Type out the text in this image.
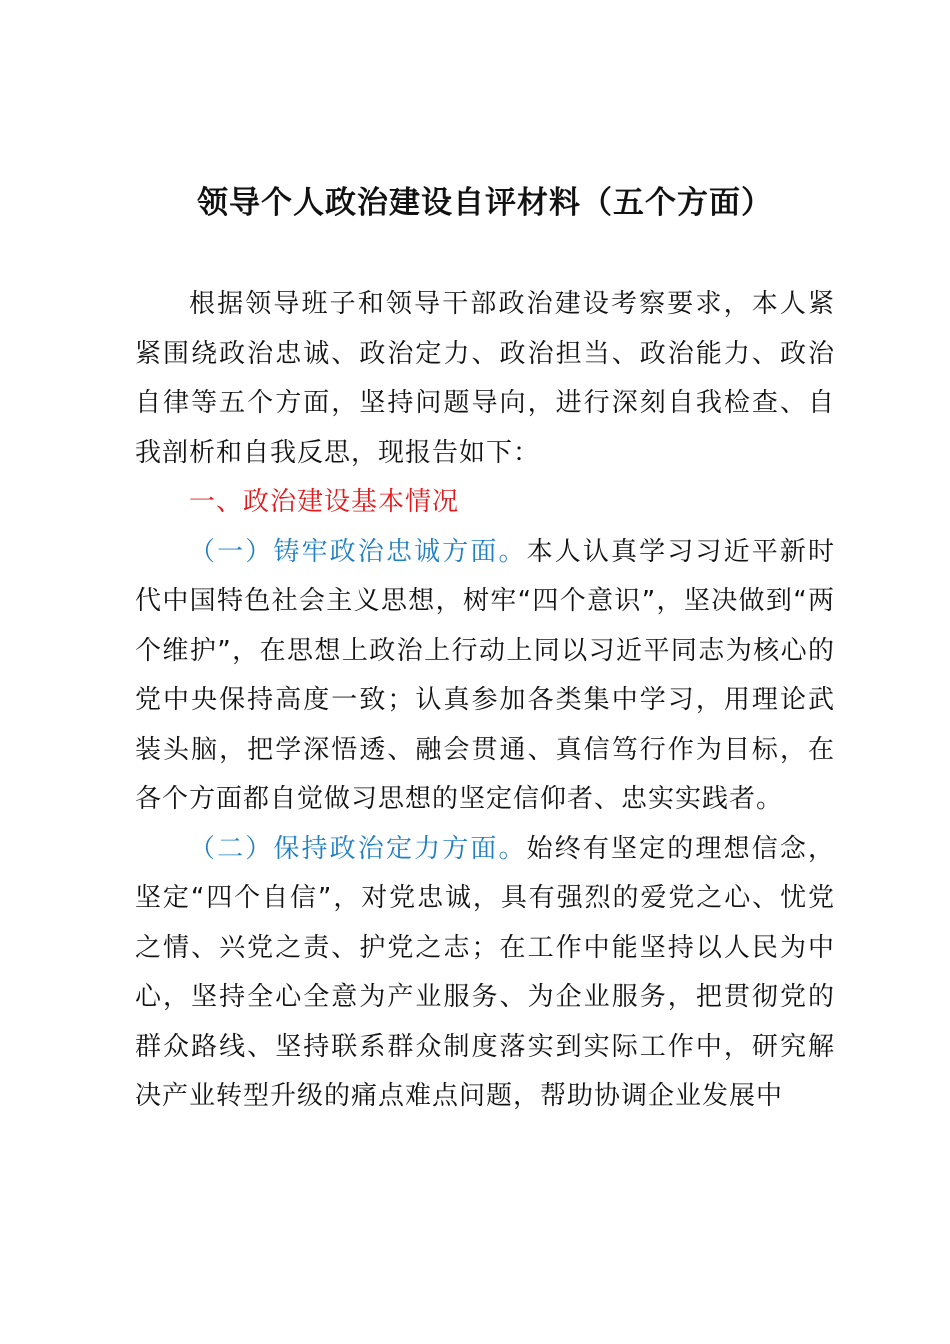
领导个人政治建设自评材料（五个方面）

根据领导班子和领导干部政治建设考察要求，本人紧紧围绕政治忠诚、政治定力、政治担当、政治能力、政治自律等五个方面，坚持问题导向，进行深刻自我检查、自我剖析和自我反思，现报告如下：

一、政治建设基本情况

（一）铸牢政治忠诚方面。本人认真学习习近平新时代中国特色社会主义思想，树牢“四个意识”，坚决做到“两个维护”，在思想上政治上行动上同以习近平同志为核心的党中央保持高度一致；认真参加各类集中学习，用理论武装头脑，把学深悟透、融会贯通、真信笃行作为目标，在各个方面都自觉做习思想的坚定信仰者、忠实实践者。

（二）保持政治定力方面。始终有坚定的理想信念，坚定“四个自信”，对党忠诚，具有强烈的爱党之心、忧党之情、兴党之责、护党之志；在工作中能坚持以人民为中心，坚持全心全意为产业服务、为企业服务，把贯彻党的群众路线、坚持联系群众制度落实到实际工作中，研究解决产业转型升级的痛点难点问题，帮助协调企业发展中
